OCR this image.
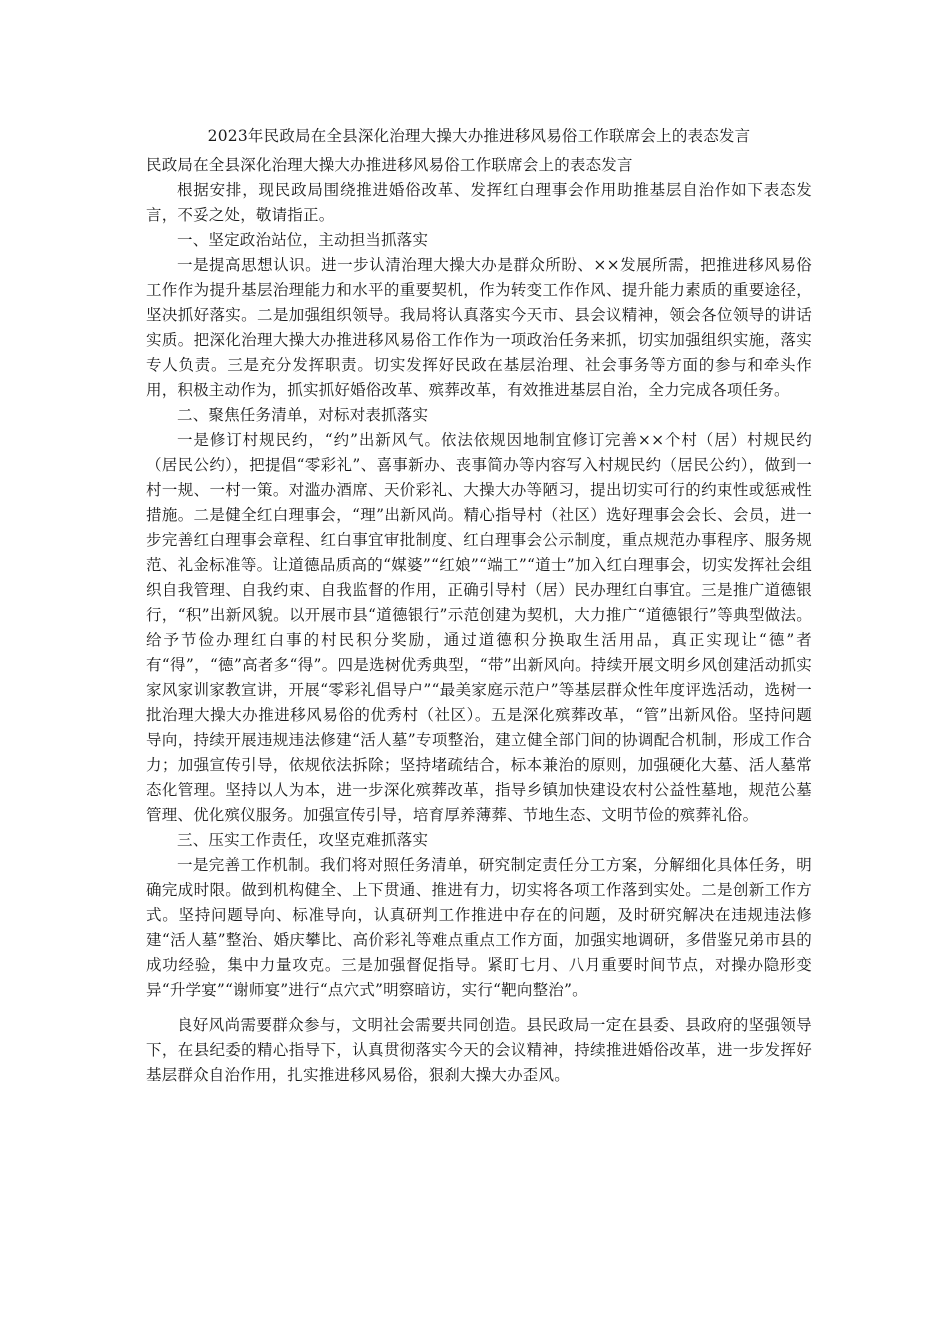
2023年民政局在全县深化治理大操大办推进移风易俗工作联席会上的表态发言
民政局在全县深化治理大操大办推进移风易俗工作联席会上的表态发言

根据安排，现民政局围绕推进婚俗改革、发挥红白理事会作用助推基层自治作如下表态发言，不妥之处，敬请指正。

一、坚定政治站位，主动担当抓落实

一是提高思想认识。进一步认清治理大操大办是群众所盼、××发展所需，把推进移风易俗工作作为提升基层治理能力和水平的重要契机，作为转变工作作风、提升能力素质的重要途径，坚决抓好落实。二是加强组织领导。我局将认真落实今天市、县会议精神，领会各位领导的讲话实质。把深化治理大操大办推进移风易俗工作作为一项政治任务来抓，切实加强组织实施，落实专人负责。三是充分发挥职责。切实发挥好民政在基层治理、社会事务等方面的参与和牵头作用，积极主动作为，抓实抓好婚俗改革、殡葬改革，有效推进基层自治，全力完成各项任务。

二、聚焦任务清单，对标对表抓落实

一是修订村规民约，“约”出新风气。依法依规因地制宜修订完善××个村（居）村规民约（居民公约），把提倡“零彩礼”、喜事新办、丧事简办等内容写入村规民约（居民公约），做到一村一规、一村一策。对滥办酒席、天价彩礼、大操大办等陋习，提出切实可行的约束性或惩戒性措施。二是健全红白理事会，“理”出新风尚。精心指导村（社区）选好理事会会长、会员，进一步完善红白理事会章程、红白事宜审批制度、红白理事会公示制度，重点规范办事程序、服务规范、礼金标准等。让道德品质高的“媒婆”“红娘”“端工”“道士”加入红白理事会，切实发挥社会组织自我管理、自我约束、自我监督的作用，正确引导村（居）民办理红白事宜。三是推广道德银行，“积”出新风貌。以开展市县“道德银行”示范创建为契机，大力推广“道德银行”等典型做法。给予节俭办理红白事的村民积分奖励，通过道德积分换取生活用品，真正实现让“德”者有“得”，“德”高者多“得”。四是选树优秀典型，“带”出新风向。持续开展文明乡风创建活动抓实家风家训家教宣讲，开展“零彩礼倡导户”“最美家庭示范户”等基层群众性年度评选活动，选树一批治理大操大办推进移风易俗的优秀村（社区）。五是深化殡葬改革，“管”出新风俗。坚持问题导向，持续开展违规违法修建“活人墓”专项整治，建立健全部门间的协调配合机制，形成工作合力；加强宣传引导，依规依法拆除；坚持堵疏结合，标本兼治的原则，加强硬化大墓、活人墓常态化管理。坚持以人为本，进一步深化殡葬改革，指导乡镇加快建设农村公益性墓地，规范公墓管理、优化殡仪服务。加强宣传引导，培育厚养薄葬、节地生态、文明节俭的殡葬礼俗。

三、压实工作责任，攻坚克难抓落实

一是完善工作机制。我们将对照任务清单，研究制定责任分工方案，分解细化具体任务，明确完成时限。做到机构健全、上下贯通、推进有力，切实将各项工作落到实处。二是创新工作方式。坚持问题导向、标准导向，认真研判工作推进中存在的问题，及时研究解决在违规违法修建“活人墓”整治、婚庆攀比、高价彩礼等难点重点工作方面，加强实地调研，多借鉴兄弟市县的成功经验，集中力量攻克。三是加强督促指导。紧盯七月、八月重要时间节点，对操办隐形变异“升学宴”“谢师宴”进行“点穴式”明察暗访，实行“靶向整治”。

良好风尚需要群众参与，文明社会需要共同创造。县民政局一定在县委、县政府的坚强领导下，在县纪委的精心指导下，认真贯彻落实今天的会议精神，持续推进婚俗改革，进一步发挥好基层群众自治作用，扎实推进移风易俗，狠刹大操大办歪风。
